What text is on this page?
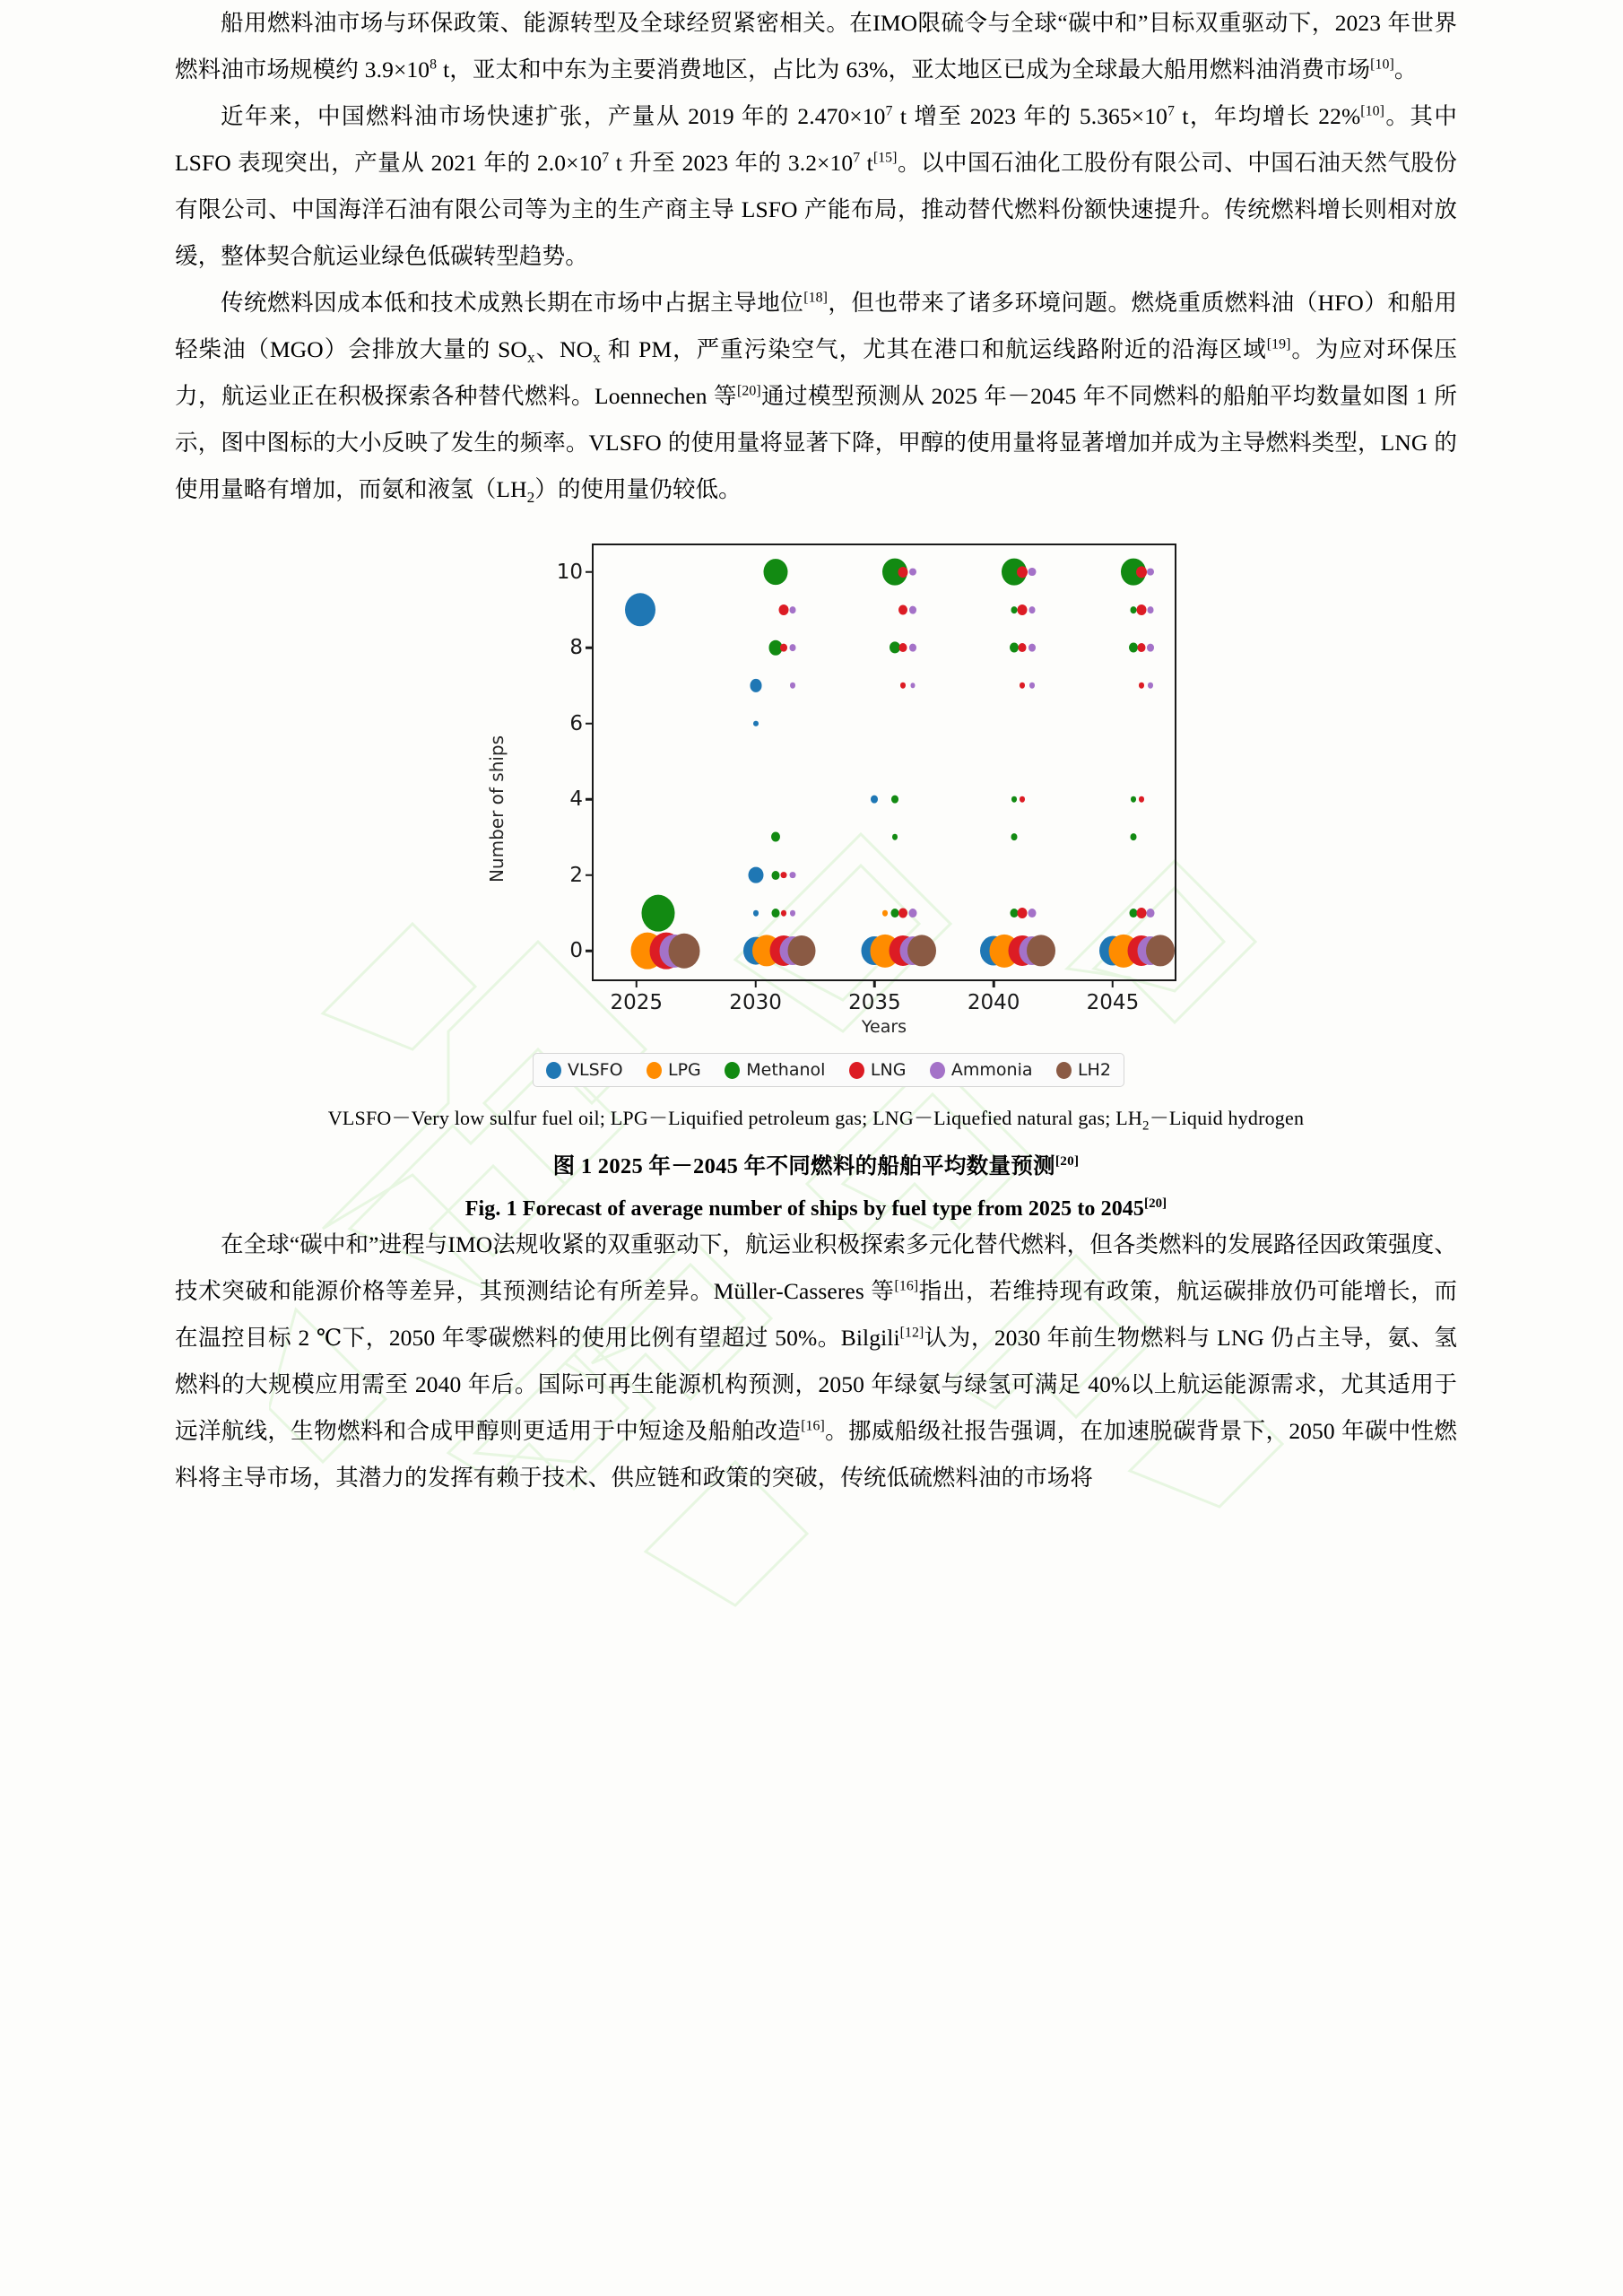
船用燃料油市场与环保政策、能源转型及全球经贸紧密相关。在IMO限硫令与全球“碳中和”目标双重驱动下，2023 年世界燃料油市场规模约 $3.9\times 10^8$ t，亚太和中东为主要消费地区，占比为 63%，亚太地区已成为全球最大船用燃料油消费市场[10]。

近年来，中国燃料油市场快速扩张，产量从 2019 年的 $2.470\times 10^7$ t 增至 2023 年的 $5.365\times 10^7$ t，年均增长 22%[10]。其中 LSFO 表现突出，产量从 2021 年的 $2.0\times 10^7$ t 升至 2023 年的 $3.2\times 10^7$ t[15]。以中国石油化工股份有限公司、中国石油天然气股份有限公司、中国海洋石油有限公司等为主的生产商主导 LSFO 产能布局，推动替代燃料份额快速提升。传统燃料增长则相对放缓，整体契合航运业绿色低碳转型趋势。

传统燃料因成本低和技术成熟长期在市场中占据主导地位[18]，但也带来了诸多环境问题。燃烧重质燃料油（HFO）和船用轻柴油（MGO）会排放大量的 $SO_x$、$NO_x$ 和 PM，严重污染空气，尤其在港口和航运线路附近的沿海区域[19]。为应对环保压力，航运业正在积极探索各种替代燃料。Loennechen 等[20]通过模型预测从 2025 年－2045 年不同燃料的船舶平均数量如图 1 所示，图中图标的大小反映了发生的频率。VLSFO 的使用量将显著下降，甲醇的使用量将显著增加并成为主导燃料类型，LNG 的使用量略有增加，而氨和液氢$(LH_2)$的使用量仍较低。

Number of ships
0
2
4
6
8
10
2025	2030	2035	2040	2045
Years
VLSFO	LPG	Methanol	LNG	Ammonia	LH2
VLSFO－Very low sulfur fuel oil; LPG－Liquified petroleum gas; LNG－Liquefied natural gas; $LH_2-Liquid$ hydrogen
图 1 2025 年－2045 年不同燃料的船舶平均数量预测[20]
Fig. 1 Forecast of average number of ships by fuel type from 2025 to 2045[20]

在全球“碳中和”进程与IMO法规收紧的双重驱动下，航运业积极探索多元化替代燃料，但各类燃料的发展路径因政策强度、技术突破和能源价格等差异，其预测结论有所差异。Müller-Casseres 等[16]指出，若维持现有政策，航运碳排放仍可能增长，而在温控目标 2 ℃下，2050 年零碳燃料的使用比例有望超过 50%。Bilgili[12]认为，2030 年前生物燃料与 LNG 仍占主导，氨、氢燃料的大规模应用需至 2040 年后。国际可再生能源机构预测，2050 年绿氨与绿氢可满足 40%以上航运能源需求，尤其适用于远洋航线，生物燃料和合成甲醇则更适用于中短途及船舶改造[16]。挪威船级社报告强调，在加速脱碳背景下，2050 年碳中性燃料将主导市场，其潜力的发挥有赖于技术、供应链和政策的突破，传统低硫燃料油的市场将
